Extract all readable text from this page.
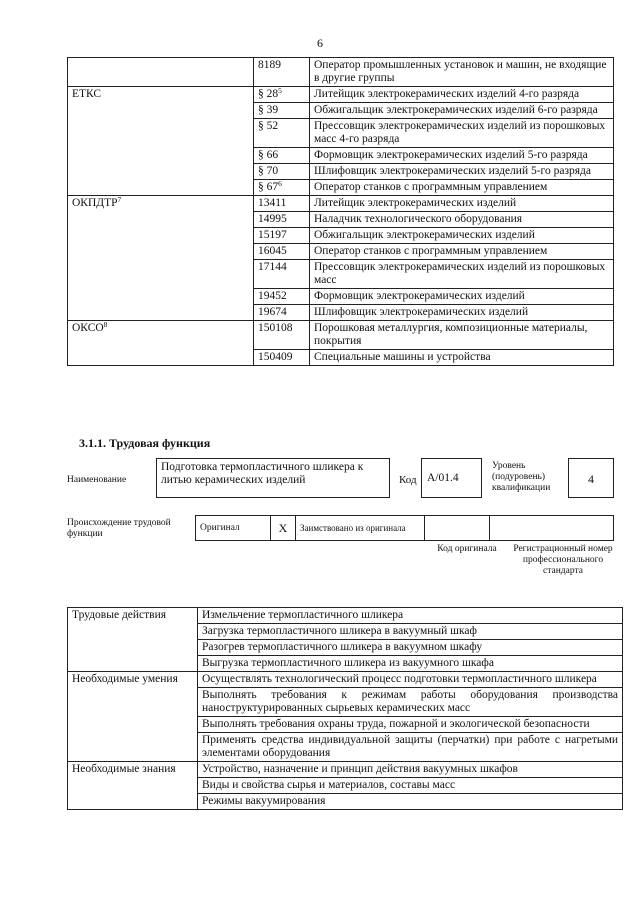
6
	8189	Оператор промышленных установок и машин, не входящие в другие группы
ЕТКС	§ $28^5$	Литейщик электрокерамических изделий 4-го разряда
	§ 39	Обжигальщик электрокерамических изделий 6-го разряда
	§ 52	Прессовщик электрокерамических изделий из порошковых масс 4-го разряда
	§ 66	Формовщик электрокерамических изделий 5-го разряда
	§ 70	Шлифовщик электрокерамических изделий 5-го разряда
	§ $67^6$	Оператор станков с программным управлением
ОКПДТР$^7$	13411	Литейщик электрокерамических изделий
	14995	Наладчик технологического оборудования
	15197	Обжигальщик электрокерамических изделий
	16045	Оператор станков с программным управлением
	17144	Прессовщик электрокерамических изделий из порошковых масс
	19452	Формовщик электрокерамических изделий
	19674	Шлифовщик электрокерамических изделий
ОКСО$^8$	150108	Порошковая металлургия, композиционные материалы, покрытия
	150409	Специальные машины и устройства
3.1.1. Трудовая функция
Наименование
Подготовка термопластичного шликера к литью керамических изделий	Код А/01.4
Уровень (подуровень) квалификации
4
Происхождение трудовой функции
Оригинал	Х	Заимствовано из оригинала		
Код оригинала	Регистрационный номер профессионального стандарта
Трудовые действия	Измельчение термопластичного шликера
	Загрузка термопластичного шликера в вакуумный шкаф
	Разогрев термопластичного шликера в вакуумном шкафу
	Выгрузка термопластичного шликера из вакуумного шкафа
Необходимые умения	Осуществлять технологический процесс подготовки термопластичного шликера
	Выполнять требования к режимам работы оборудования производства наноструктурированных сырьевых керамических масс
	Выполнять требования охраны труда, пожарной и экологической безопасности
	Применять средства индивидуальной защиты (перчатки) при работе с нагретыми элементами оборудования
Необходимые знания	Устройство, назначение и принцип действия вакуумных шкафов
	Виды и свойства сырья и материалов, составы масс
	Режимы вакуумирования
